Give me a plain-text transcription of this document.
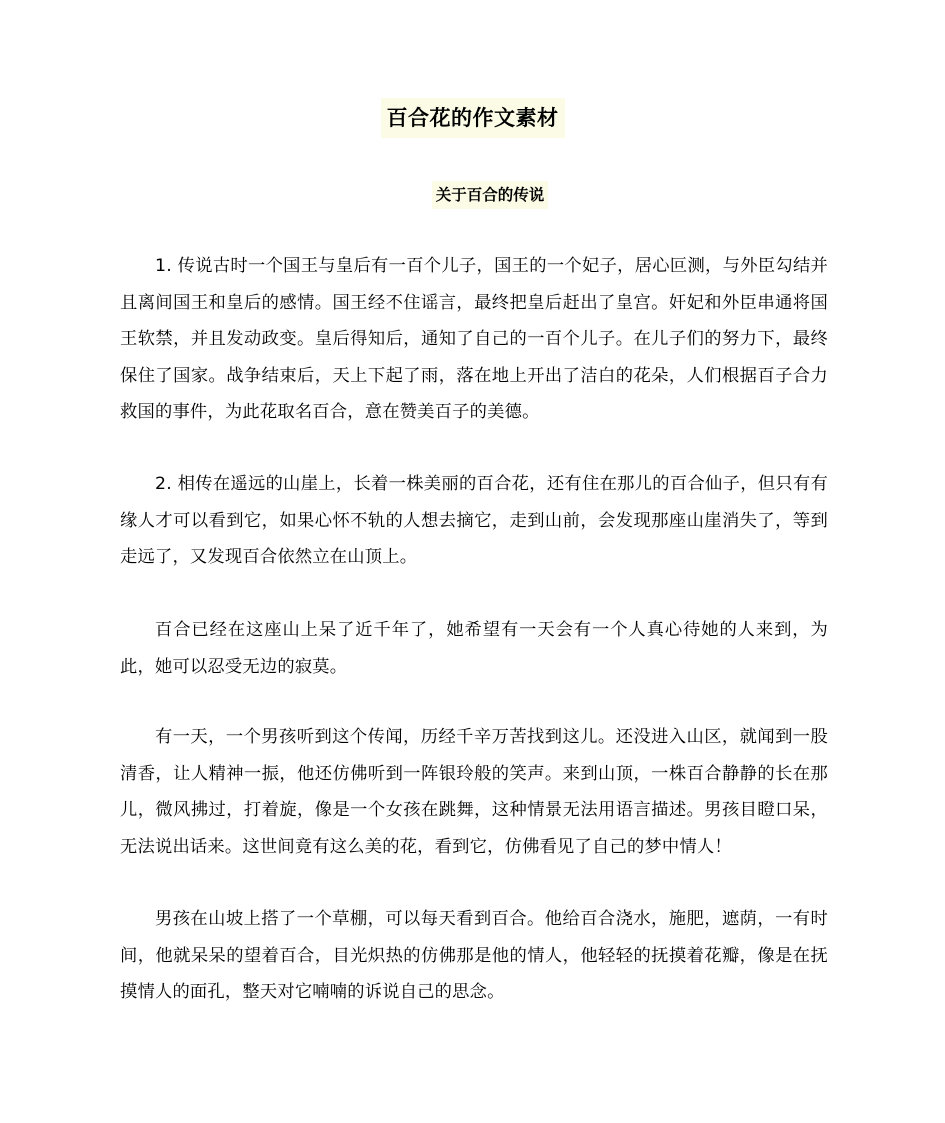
百合花的作文素材
关于百合的传说

1. 传说古时一个国王与皇后有一百个儿子，国王的一个妃子，居心叵测，与外臣勾结并且离间国王和皇后的感情。国王经不住谣言，最终把皇后赶出了皇宫。奸妃和外臣串通将国王软禁，并且发动政变。皇后得知后，通知了自己的一百个儿子。在儿子们的努力下，最终保住了国家。战争结束后，天上下起了雨，落在地上开出了洁白的花朵，人们根据百子合力救国的事件，为此花取名百合，意在赞美百子的美德。

2. 相传在遥远的山崖上，长着一株美丽的百合花，还有住在那儿的百合仙子，但只有有缘人才可以看到它，如果心怀不轨的人想去摘它，走到山前，会发现那座山崖消失了，等到走远了，又发现百合依然立在山顶上。

百合已经在这座山上呆了近千年了，她希望有一天会有一个人真心待她的人来到，为此，她可以忍受无边的寂莫。

有一天，一个男孩听到这个传闻，历经千辛万苦找到这儿。还没进入山区，就闻到一股清香，让人精神一振，他还仿佛听到一阵银玲般的笑声。来到山顶，一株百合静静的长在那儿，微风拂过，打着旋，像是一个女孩在跳舞，这种情景无法用语言描述。男孩目瞪口呆，无法说出话来。这世间竟有这么美的花，看到它，仿佛看见了自己的梦中情人！

男孩在山坡上搭了一个草棚，可以每天看到百合。他给百合浇水，施肥，遮荫，一有时间，他就呆呆的望着百合，目光炽热的仿佛那是他的情人，他轻轻的抚摸着花瓣，像是在抚摸情人的面孔，整天对它喃喃的诉说自己的思念。
